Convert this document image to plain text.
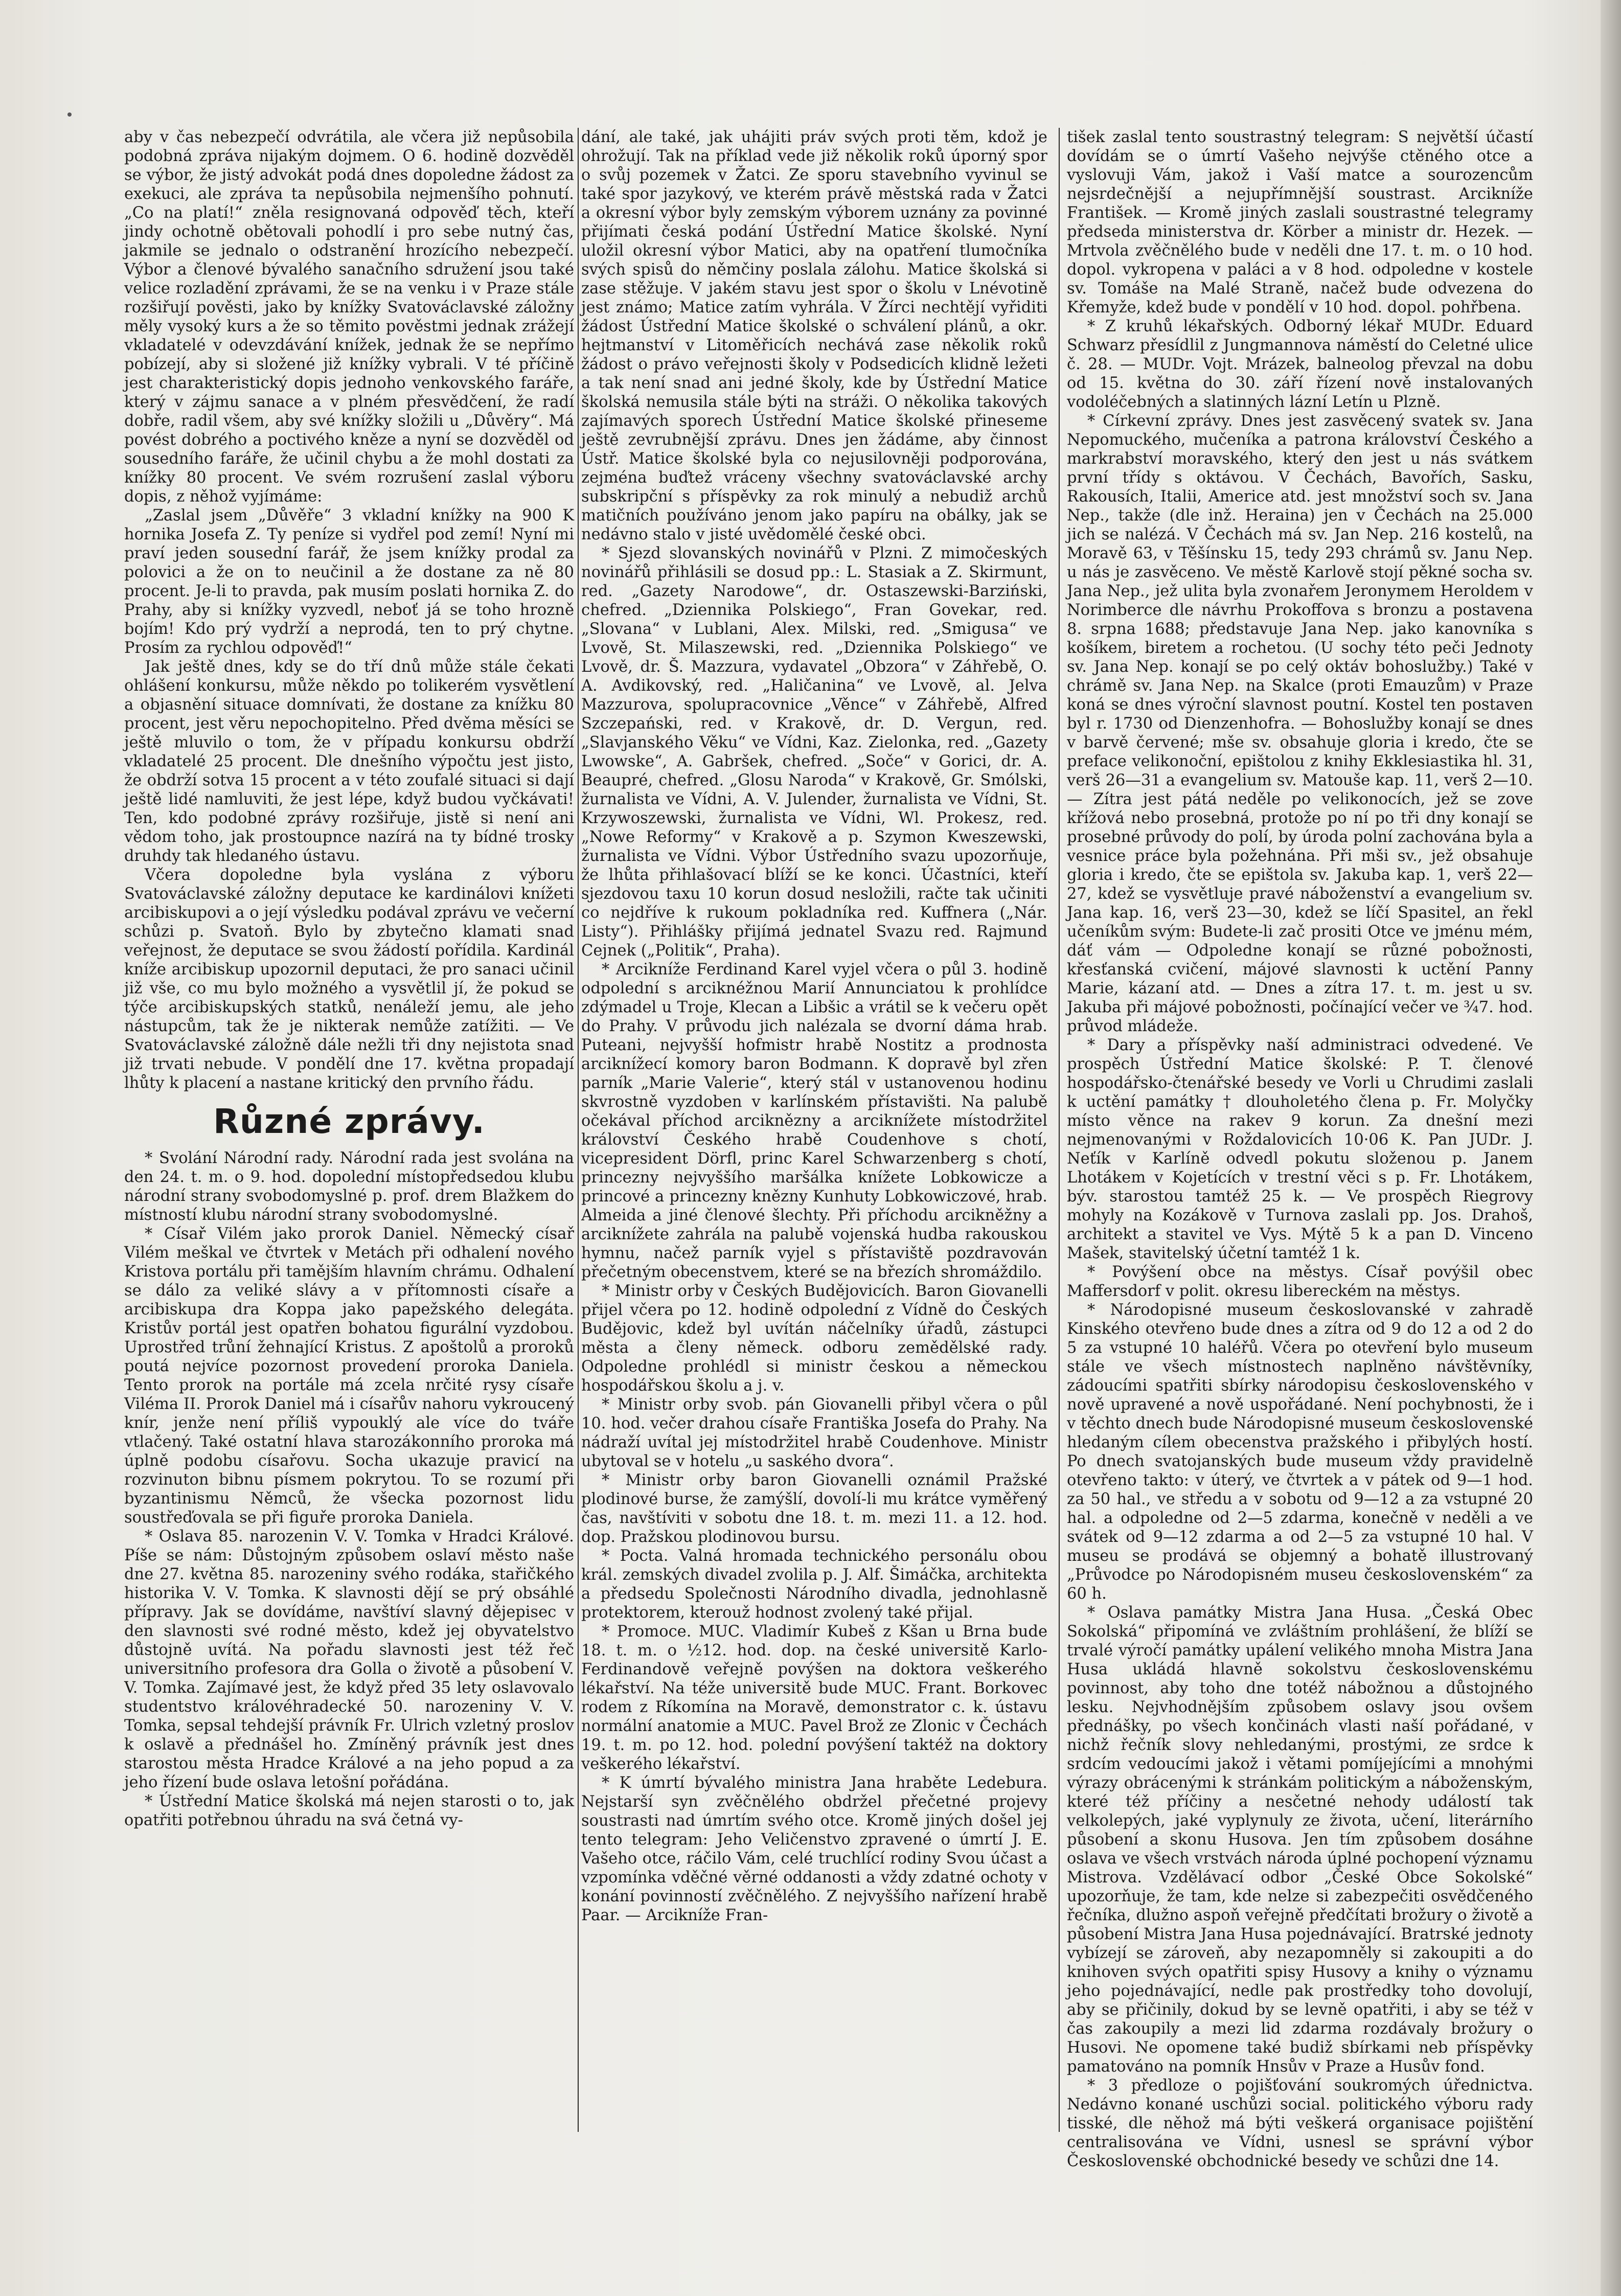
aby v čas nebezpečí odvrátila, ale včera již nepůsobila podobná zpráva nijakým dojmem. O 6. hodině dozvěděl se výbor, že jistý advokát podá dnes dopoledne žádost za exekuci, ale zpráva ta nepůsobila nejmenšího pohnutí. „Co na platí!“ zněla resignovaná odpověď těch, kteří jindy ochotně obětovali pohodlí i pro sebe nutný čas, jakmile se jednalo o odstranění hrozícího nebezpečí. Výbor a členové bývalého sanačního sdružení jsou také velice rozladění zprávami, že se na venku i v Praze stále rozšiřují pověsti, jako by knížky Svatováclavské záložny měly vysoký kurs a že so těmito pověstmi jednak zrážejí vkladatelé v odevzdávání knížek, jednak že se nepřímo pobízejí, aby si složené již knížky vybrali. V té příčině jest charakteristický dopis jednoho venkovského faráře, který v zájmu sanace a v plném přesvědčení, že radí dobře, radil všem, aby své knížky složili u „Důvěry“. Má povést dobrého a poctivého kněze a nyní se dozvěděl od sousedního faráře, že učinil chybu a že mohl dostati za knížky 80 procent. Ve svém rozrušení zaslal výboru dopis, z něhož vyjímáme:

„Zaslal jsem „Důvěře“ 3 vkladní knížky na 900 K hornika Josefa Z. Ty peníze si vydřel pod zemí! Nyní mi praví jeden sousední farář, že jsem knížky prodal za polovici a že on to neučinil a že dostane za ně 80 procent. Je-li to pravda, pak musím poslati hornika Z. do Prahy, aby si knížky vyzvedl, neboť já se toho hrozně bojím! Kdo prý vydrží a neprodá, ten to prý chytne. Prosím za rychlou odpověď!“

Jak ještě dnes, kdy se do tří dnů může stále čekati ohlášení konkursu, může někdo po tolikerém vysvětlení a objasnění situace domnívati, že dostane za knížku 80 procent, jest věru nepochopitelno. Před dvěma měsíci se ještě mluvilo o tom, že v případu konkursu obdrží vkladatelé 25 procent. Dle dnešního výpočtu jest jisto, že obdrží sotva 15 procent a v této zoufalé situaci si dají ještě lidé namluviti, že jest lépe, když budou vyčkávati! Ten, kdo podobné zprávy rozšiřuje, jistě si není ani vědom toho, jak prostoupnce nazírá na ty bídné trosky druhdy tak hledaného ústavu.

Včera dopoledne byla vyslána z výboru Svatováclavské záložny deputace ke kardinálovi knížeti arcibiskupovi a o její výsledku podával zprávu ve večerní schůzi p. Svatoň. Bylo by zbytečno klamati snad veřejnost, že deputace se svou žádostí pořídila. Kardinál kníže arcibiskup upozornil deputaci, že pro sanaci učinil již vše, co mu bylo možného a vysvětlil jí, že pokud se týče arcibiskupských statků, nenáleží jemu, ale jeho nástupcům, tak že je nikterak nemůže zatížiti. — Ve Svatováclavské záložně dále nežli tři dny nejistota snad již trvati nebude. V pondělí dne 17. května propadají lhůty k placení a nastane kritický den prvního řádu.

Různé zprávy.

* Svolání Národní rady. Národní rada jest svolána na den 24. t. m. o 9. hod. dopolední místopředsedou klubu národní strany svobodomyslné p. prof. drem Blažkem do místností klubu národní strany svobodomyslné.

* Císař Vilém jako prorok Daniel. Německý císař Vilém meškal ve čtvrtek v Metách při odhalení nového Kristova portálu při tamějším hlavním chrámu. Odhalení se dálo za veliké slávy a v přítomnosti císaře a arcibiskupa dra Koppa jako papežského delegáta. Kristův portál jest opatřen bohatou figurální vyzdobou. Uprostřed trůní žehnající Kristus. Z apoštolů a proroků poutá nejvíce pozornost provedení proroka Daniela. Tento prorok na portále má zcela nrčité rysy císaře Viléma II. Prorok Daniel má i císařův nahoru vykroucený knír, jenže není příliš vypouklý ale více do tváře vtlačený. Také ostatní hlava starozákonního proroka má úplně podobu císařovu. Socha ukazuje pravicí na rozvinuton bibnu písmem pokrytou. To se rozumí při byzantinismu Němců, že všecka pozornost lidu soustřeďovala se při figuře proroka Daniela.

* Oslava 85. narozenin V. V. Tomka v Hradci Králové. Píše se nám: Důstojným způsobem oslaví město naše dne 27. května 85. narozeniny svého rodáka, stařičkého historika V. V. Tomka. K slavnosti dějí se prý obsáhlé přípravy. Jak se dovídáme, navštíví slavný dějepisec v den slavnosti své rodné město, kdež jej obyvatelstvo důstojně uvítá. Na pořadu slavnosti jest též řeč universitního profesora dra Golla o životě a působení V. V. Tomka. Zajímavé jest, že když před 35 lety oslavovalo studentstvo královéhradecké 50. narozeniny V. V. Tomka, sepsal tehdejší právník Fr. Ulrich vzletný proslov k oslavě a přednášel ho. Zmíněný právník jest dnes starostou města Hradce Králové a na jeho popud a za jeho řízení bude oslava letošní pořádána.

* Ústřední Matice školská má nejen starosti o to, jak opatřiti potřebnou úhradu na svá četná vy-

dání, ale také, jak uhájiti práv svých proti těm, kdož je ohrožují. Tak na příklad vede již několik roků úporný spor o svůj pozemek v Žatci. Ze sporu stavebního vyvinul se také spor jazykový, ve kterém právě městská rada v Žatci a okresní výbor byly zemským výborem uznány za povinné přijímati česká podání Ústřední Matice školské. Nyní uložil okresní výbor Matici, aby na opatření tlumočníka svých spisů do němčiny poslala zálohu. Matice školská si zase stěžuje. V jakém stavu jest spor o školu v Lnévotině jest známo; Matice zatím vyhrála. V Žírci nechtějí vyřiditi žádost Ústřední Matice školské o schválení plánů, a okr. hejtmanství v Litoměřicích nechává zase několik roků žádost o právo veřejnosti školy v Podsedicích klidně ležeti a tak není snad ani jedné školy, kde by Ústřední Matice školská nemusila stále býti na stráži. O několika takových zajímavých sporech Ústřední Matice školské přineseme ještě zevrubnější zprávu. Dnes jen žádáme, aby činnost Ústř. Matice školské byla co nejusilovněji podporována, zejména buďtež vráceny všechny svatováclavské archy subskripční s příspěvky za rok minulý a nebudiž archů matičních používáno jenom jako papíru na obálky, jak se nedávno stalo v jisté uvědomělé české obci.

* Sjezd slovanských novinářů v Plzni. Z mimočeských novinářů přihlásili se dosud pp.: L. Stasiak a Z. Skirmunt, red. „Gazety Narodowe“, dr. Ostaszewski-Barziński, chefred. „Dziennika Polskiego“, Fran Govekar, red. „Slovana“ v Lublani, Alex. Milski, red. „Smigusa“ ve Lvově, St. Milaszewski, red. „Dziennika Polskiego“ ve Lvově, dr. Š. Mazzura, vydavatel „Obzora“ v Záhřebě, O. A. Avdikovský, red. „Haličanina“ ve Lvově, al. Jelva Mazzurova, spolupracovnice „Věnce“ v Záhřebě, Alfred Szczepański, red. v Krakově, dr. D. Vergun, red. „Slavjanského Věku“ ve Vídni, Kaz. Zielonka, red. „Gazety Lwowske“, A. Gabršek, chefred. „Soče“ v Gorici, dr. A. Beaupré, chefred. „Glosu Naroda“ v Krakově, Gr. Smólski, žurnalista ve Vídni, A. V. Julender, žurnalista ve Vídni, St. Krzywoszewski, žurnalista ve Vídni, Wl. Prokesz, red. „Nowe Reformy“ v Krakově a p. Szymon Kweszewski, žurnalista ve Vídni. Výbor Ústředního svazu upozorňuje, že lhůta přihlašovací blíží se ke konci. Účastníci, kteří sjezdovou taxu 10 korun dosud nesložili, račte tak učiniti co nejdříve k rukoum pokladníka red. Kuffnera („Nár. Listy“). Přihlášky přijímá jednatel Svazu red. Rajmund Cejnek („Politik“, Praha).

* Arcikníže Ferdinand Karel vyjel včera o půl 3. hodině odpolední s arciknéžnou Marií Annunciatou k prohlídce zdýmadel u Troje, Klecan a Libšic a vrátil se k večeru opět do Prahy. V průvodu jich nalézala se dvorní dáma hrab. Puteani, nejvyšší hofmistr hrabě Nostitz a prodnosta arciknížecí komory baron Bodmann. K dopravě byl zřen parník „Marie Valerie“, který stál v ustanovenou hodinu skvrostně vyzdoben v karlínském přístavišti. Na palubě očekával příchod arciknězny a arciknížete místodržitel království Českého hrabě Coudenhove s chotí, vicepresident Dörfl, princ Karel Schwarzenberg s chotí, princezny nejvyššího maršálka knížete Lobkowicze a princové a princezny knězny Kunhuty Lobkowiczové, hrab. Almeida a jiné členové šlechty. Při příchodu arcikněžny a arciknížete zahrála na palubě vojenská hudba rakouskou hymnu, načež parník vyjel s přístaviště pozdravován přečetným obecenstvem, které se na březích shromáždilo.

* Ministr orby v Českých Budějovicích. Baron Giovanelli přijel včera po 12. hodině odpolední z Vídně do Českých Budějovic, kdež byl uvítán náčelníky úřadů, zástupci města a členy německ. odboru zemědělské rady. Odpoledne prohlédl si ministr českou a německou hospodářskou školu a j. v.

* Ministr orby svob. pán Giovanelli přibyl včera o půl 10. hod. večer drahou císaře Františka Josefa do Prahy. Na nádraží uvítal jej místodržitel hrabě Coudenhove. Ministr ubytoval se v hotelu „u saského dvora“.

* Ministr orby baron Giovanelli oznámil Pražské plodinové burse, že zamýšlí, dovolí-li mu krátce vyměřený čas, navštíviti v sobotu dne 18. t. m. mezi 11. a 12. hod. dop. Pražskou plodinovou bursu.

* Pocta. Valná hromada technického personálu obou král. zemských divadel zvolila p. J. Alf. Šimáčka, architekta a předsedu Společnosti Národního divadla, jednohlasně protektorem, kterouž hodnost zvolený také přijal.

* Promoce. MUC. Vladimír Kubeš z Kšan u Brna bude 18. t. m. o ½12. hod. dop. na české universitě Karlo-Ferdinandově veřejně povýšen na doktora veškerého lékařství. Na téže universitě bude MUC. Frant. Borkovec rodem z Ríkomína na Moravě, demonstrator c. k. ústavu normální anatomie a MUC. Pavel Brož ze Zlonic v Čechách 19. t. m. po 12. hod. polední povýšení taktéž na doktory veškerého lékařství.

* K úmrtí bývalého ministra Jana hraběte Ledebura. Nejstarší syn zvěčnělého obdržel přečetné projevy soustrasti nad úmrtím svého otce. Kromě jiných došel jej tento telegram: Jeho Veličenstvo zpravené o úmrtí J. E. Vašeho otce, ráčilo Vám, celé truchlící rodiny Svou účast a vzpomínka vděčné věrné oddanosti a vždy zdatné ochoty v konání povinností zvěčnělého. Z nejvyššího nařízení hrabě Paar. — Arcikníže Fran-

tišek zaslal tento soustrastný telegram: S největší účastí dovídám se o úmrtí Vašeho nejvýše ctěného otce a vyslovuji Vám, jakož i Vaší matce a sourozencům nejsrdečnější a nejupřímnější soustrast. Arcikníže František. — Kromě jiných zaslali soustrastné telegramy předseda ministerstva dr. Körber a ministr dr. Hezek. — Mrtvola zvěčnělého bude v neděli dne 17. t. m. o 10 hod. dopol. vykropena v paláci a v 8 hod. odpoledne v kostele sv. Tomáše na Malé Straně, načež bude odvezena do Křemyže, kdež bude v pondělí v 10 hod. dopol. pohřbena.

* Z kruhů lékařských. Odborný lékař MUDr. Eduard Schwarz přesídlil z Jungmannova náměstí do Celetné ulice č. 28. — MUDr. Vojt. Mrázek, balneolog převzal na dobu od 15. května do 30. září řízení nově instalovaných vodoléčebných a slatinných lázní Letín u Plzně.

* Církevní zprávy. Dnes jest zasvěcený svatek sv. Jana Nepomuckého, mučeníka a patrona království Českého a markrabství moravského, který den jest u nás svátkem první třídy s oktávou. V Čechách, Bavořích, Sasku, Rakousích, Italii, Americe atd. jest množství soch sv. Jana Nep., takže (dle inž. Heraina) jen v Čechách na 25.000 jich se nalézá. V Čechách má sv. Jan Nep. 216 kostelů, na Moravě 63, v Těšínsku 15, tedy 293 chrámů sv. Janu Nep. u nás je zasvěceno. Ve městě Karlově stojí pěkné socha sv. Jana Nep., jež ulita byla zvonařem Jeronymem Heroldem v Norimberce dle návrhu Prokoffova s bronzu a postavena 8. srpna 1688; představuje Jana Nep. jako kanovníka s košíkem, biretem a rochetou. (U sochy této peči Jednoty sv. Jana Nep. konají se po celý oktáv bohoslužby.) Také v chrámě sv. Jana Nep. na Skalce (proti Emauzům) v Praze koná se dnes výroční slavnost poutní. Kostel ten postaven byl r. 1730 od Dienzenhofra. — Bohoslužby konají se dnes v barvě červené; mše sv. obsahuje gloria i kredo, čte se preface velikonoční, epištolou z knihy Ekklesiastika hl. 31, verš 26—31 a evangelium sv. Matouše kap. 11, verš 2—10. — Zítra jest pátá neděle po velikonocích, jež se zove křížová nebo prosebná, protože po ní po tři dny konají se prosebné průvody do polí, by úroda polní zachována byla a vesnice práce byla požehnána. Při mši sv., jež obsahuje gloria i kredo, čte se epištola sv. Jakuba kap. 1, verš 22—27, kdež se vysvětluje pravé náboženství a evangelium sv. Jana kap. 16, verš 23—30, kdež se líčí Spasitel, an řekl učeníkům svým: Budete-li zač prositi Otce ve jménu mém, dáť vám — Odpoledne konají se různé pobožnosti, křesťanská cvičení, májové slavnosti k uctění Panny Marie, kázaní atd. — Dnes a zítra 17. t. m. jest u sv. Jakuba při májové pobožnosti, počínající večer ve ¾7. hod. průvod mládeže.

* Dary a příspěvky naší administraci odvedené. Ve prospěch Ústřední Matice školské: P. T. členové hospodářsko-čtenářské besedy ve Vorli u Chrudimi zaslali k uctění památky † dlouholetého člena p. Fr. Molyčky místo věnce na rakev 9 korun. Za dnešní mezi nejmenovanými v Roždalovicích 10·06 K. Pan JUDr. J. Neťík v Karlíně odvedl pokutu složenou p. Janem Lhotákem v Kojetících v trestní věci s p. Fr. Lhotákem, býv. starostou tamtéž 25 k. — Ve prospěch Riegrovy mohyly na Kozákově v Turnova zaslali pp. Jos. Drahoš, architekt a stavitel ve Vys. Mýtě 5 k a pan D. Vinceno Mašek, stavitelský účetní tamtéž 1 k.

* Povýšení obce na městys. Císař povýšil obec Maffersdorf v polit. okresu libereckém na městys.

* Národopisné museum českoslovanské v zahradě Kinského otevřeno bude dnes a zítra od 9 do 12 a od 2 do 5 za vstupné 10 haléřů. Včera po otevření bylo museum stále ve všech místnostech naplněno návštěvníky, zádoucími spatřiti sbírky národopisu československého v nově upravené a nově uspořádané. Není pochybnosti, že i v těchto dnech bude Národopisné museum československé hledaným cílem obecenstva pražského i přibylých hostí. Po dnech svatojanských bude museum vždy pravidelně otevřeno takto: v úterý, ve čtvrtek a v pátek od 9—1 hod. za 50 hal., ve středu a v sobotu od 9—12 a za vstupné 20 hal. a odpoledne od 2—5 zdarma, konečně v neděli a ve svátek od 9—12 zdarma a od 2—5 za vstupné 10 hal. V museu se prodává se objemný a bohatě illustrovaný „Průvodce po Národopisném museu československém“ za 60 h.

* Oslava památky Mistra Jana Husa. „Česká Obec Sokolská“ připomíná ve zvláštním prohlášení, že blíží se trvalé výročí památky upálení velikého mnoha Mistra Jana Husa ukládá hlavně sokolstvu československému povinnost, aby toho dne totéž nábožnou a důstojného lesku. Nejvhodnějším způsobem oslavy jsou ovšem přednášky, po všech končinách vlasti naší pořádané, v nichž řečník slovy nehledanými, prostými, ze srdce k srdcím vedoucími jakož i větami pomíjejícími a mnohými výrazy obrácenými k stránkám politickým a náboženským, které též příčiny a nesčetné nehody událostí tak velkolepých, jaké vyplynuly ze života, učení, literárního působení a skonu Husova. Jen tím způsobem dosáhne oslava ve všech vrstvách národa úplné pochopení významu Mistrova. Vzdělávací odbor „České Obce Sokolské“ upozorňuje, že tam, kde nelze si zabezpečiti osvědčeného řečníka, dlužno aspoň veřejně předčítati brožury o životě a působení Mistra Jana Husa pojednávající. Bratrské jednoty vybízejí se zároveň, aby nezapomněly si zakoupiti a do knihoven svých opatřiti spisy Husovy a knihy o významu jeho pojednávající, nedle pak prostředky toho dovolují, aby se přičinily, dokud by se levně opatřiti, i aby se též v čas zakoupily a mezi lid zdarma rozdávaly brožury o Husovi. Ne opomene také budiž sbírkami neb příspěvky pamatováno na pomník Hnsův v Praze a Husův fond.

* 3 předloze o pojišťování soukromých úřednictva. Nedávno konané uschůzi social. politického výboru rady tisské, dle něhož má býti veškerá organisace pojištění centralisována ve Vídni, usnesl se správní výbor Československé obchodnické besedy ve schůzi dne 14.
